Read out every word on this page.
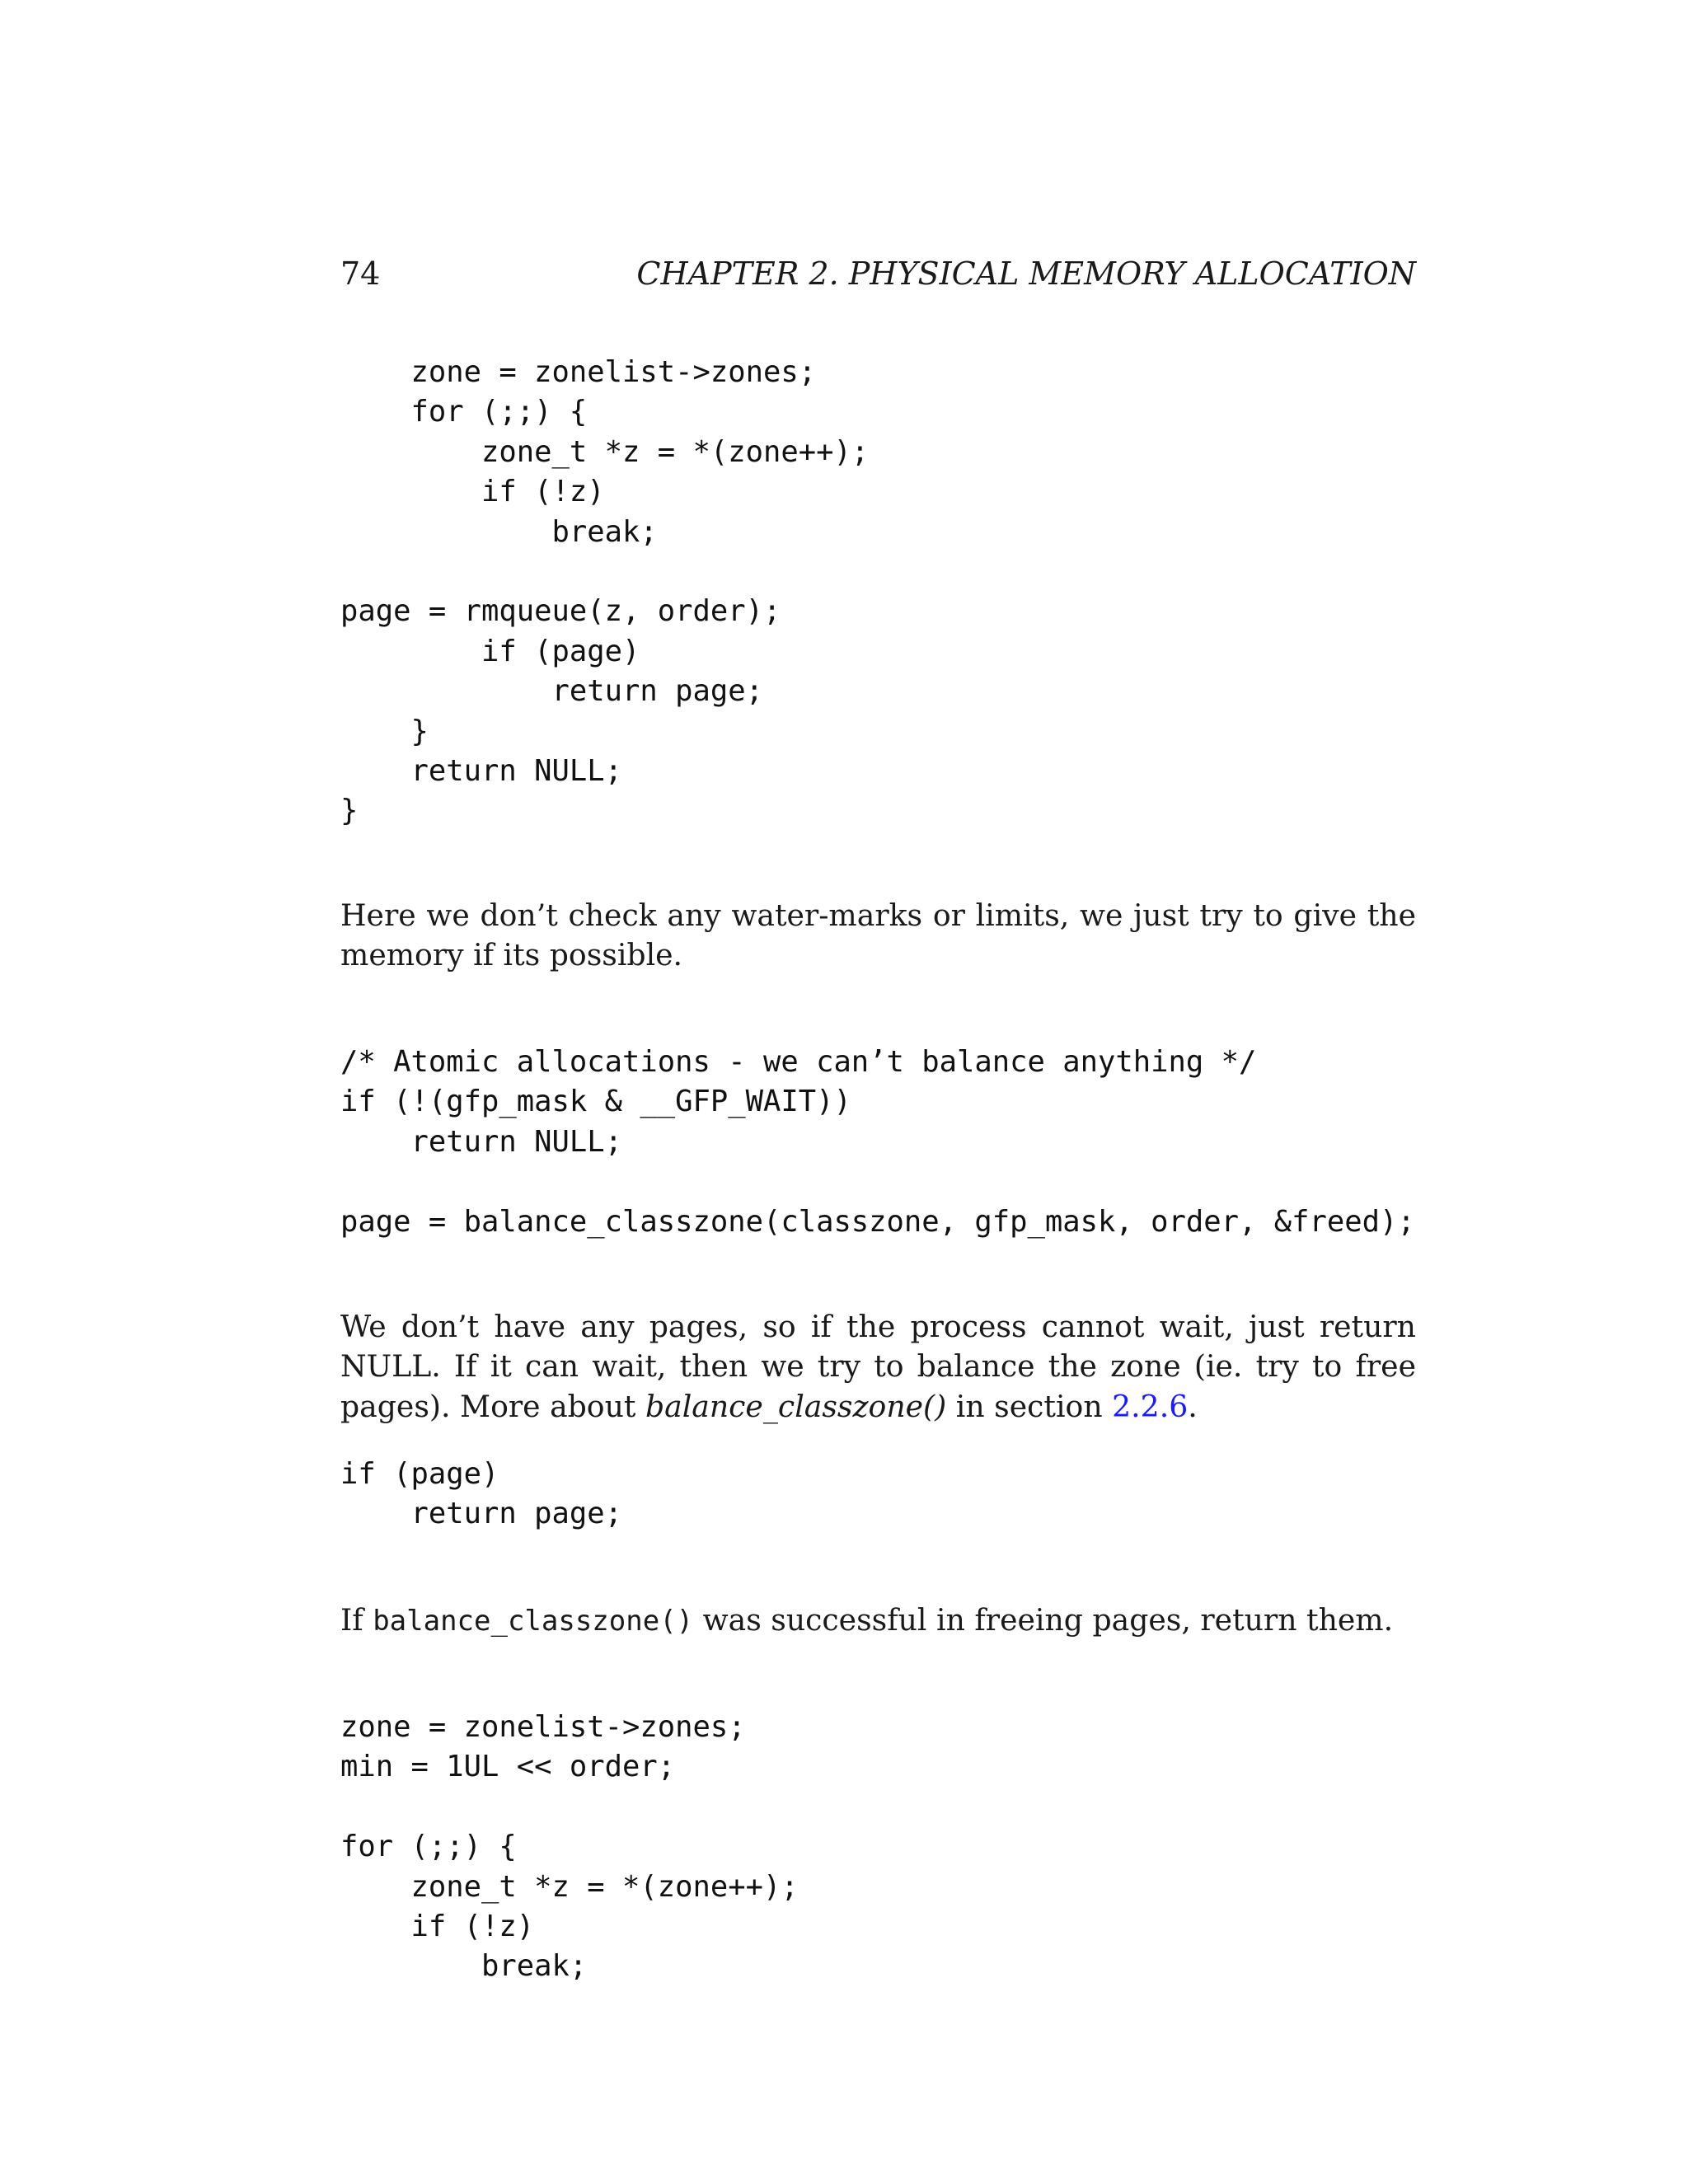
74	CHAPTER 2. PHYSICAL MEMORY ALLOCATION
zone = zonelist->zones;
for (;;) {
zone_t *z = *(zone++);
if (!z)
break;

page = rmqueue(z, order);
if (page)
return page;
}
return NULL;
}

Here we don’t check any water-marks or limits, we just try to give the memory if its possible.

/* Atomic allocations - we can’t balance anything */
if (!(gfp_mask & __GFP_WAIT))
return NULL;

page = balance_classzone(classzone, gfp_mask, order, &freed);

We don’t have any pages, so if the process cannot wait, just return NULL. If it can wait, then we try to balance the zone (ie. try to free pages). More about balance_classzone() in section 2.2.6.

if (page)
return page;

If balance_classzone() was successful in freeing pages, return them.

zone = zonelist->zones;
min = 1UL << order;

for (;;) {
zone_t *z = *(zone++);
if (!z)
break;
